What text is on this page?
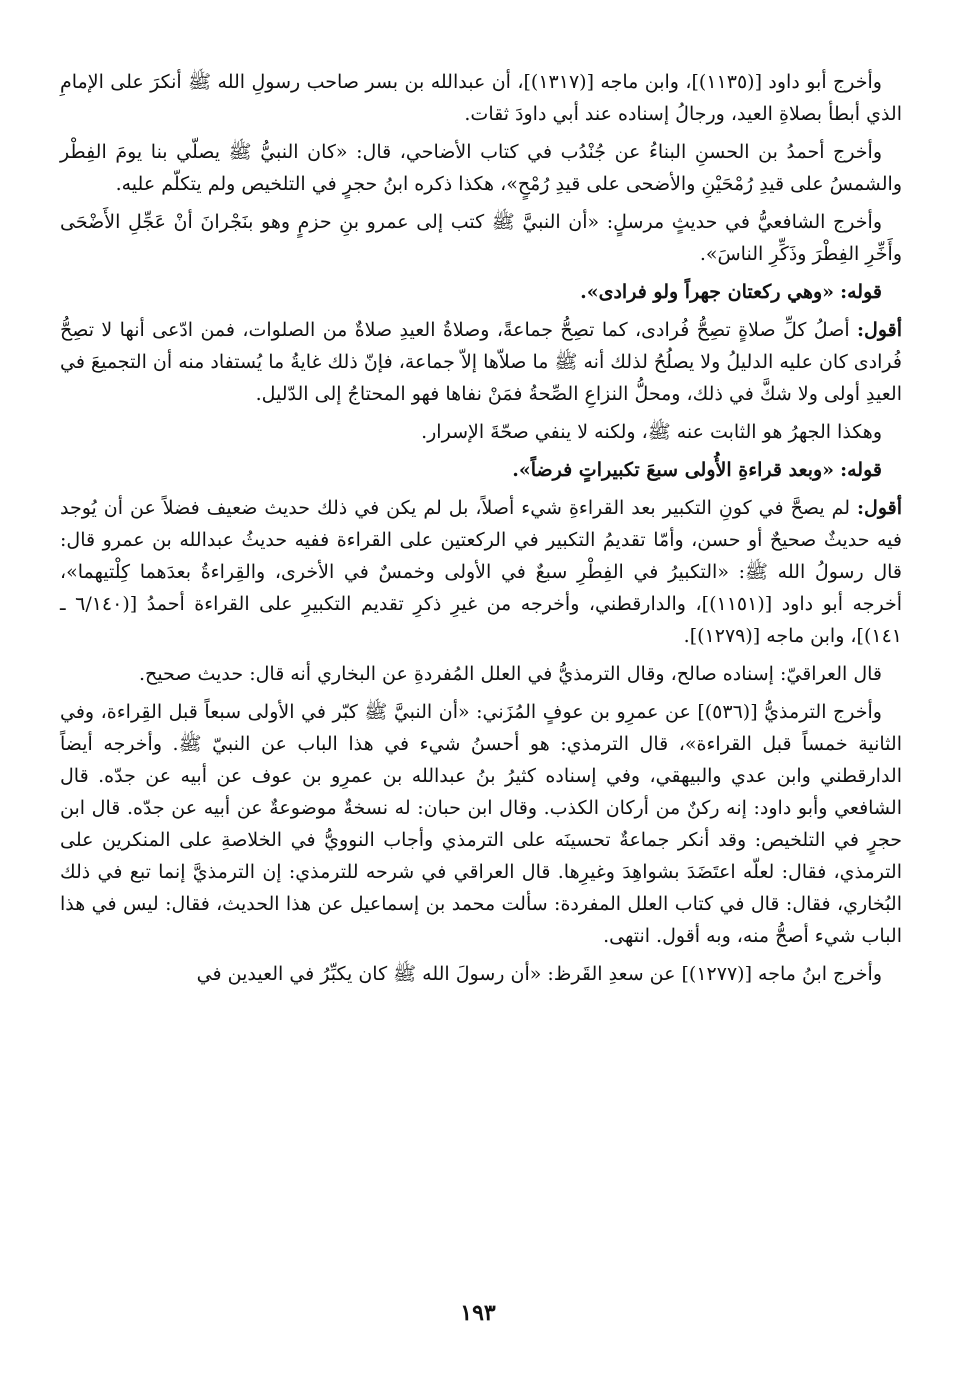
وأخرج أبو داود [(١١٣٥)]، وابن ماجه [(١٣١٧)]، أن عبدالله بن بسر صاحب رسولِ الله ﷺ أنكرَ على الإمامِ الذي أبطأ بصلاةِ العيد، ورجالُ إسناده عند أبي داودَ ثقات.

وأخرج أحمدُ بن الحسنِ البناءُ عن جُنْدُب في كتاب الأضاحي، قال: «كان النبيُّ ﷺ يصلّي بنا يومَ الفِطْر والشمسُ على قيدِ رُمْحَيْنِ والأضحى على قيدِ رُمْحٍ»، هكذا ذكره ابنُ حجرٍ في التلخيص ولم يتكلّم عليه.

وأخرج الشافعيُّ في حديثٍ مرسلٍ: «أن النبيَّ ﷺ كتب إلى عمرو بنِ حزمٍ وهو بنَجْرانَ أنْ عَجِّلِ الأَضْحَى وأَخِّرِ الفِطْرَ وذَكِّرِ الناسَ».

قوله: «وهي ركعتان جهراً ولو فرادى».

أقول: أصلُ كلِّ صلاةٍ تصِحُّ فُرادى، كما تصِحُّ جماعةً، وصلاةُ العيدِ صلاةٌ من الصلوات، فمن ادّعى أنها لا تصِحُّ فُرادى كان عليه الدليلُ ولا يصلُحُ لذلك أنه ﷺ ما صلاّها إلاّ جماعة، فإنّ ذلك غايةُ ما يُستفاد منه أن التجميعَ في العيدِ أولى ولا شكَّ في ذلك، ومحلُّ النزاعِ الصِّحةُ فمَنْ نفاها فهو المحتاجُ إلى الدّليل.

وهكذا الجهرُ هو الثابت عنه ﷺ، ولكنه لا ينفي صحّةَ الإسرار.

قوله: «وبعد قراءةِ الأُولى سبعَ تكبيراتٍ فرضاً».

أقول: لم يصحَّ في كونِ التكبير بعد القراءةِ شيء أصلاً، بل لم يكن في ذلك حديث ضعيف فضلاً عن أن يُوجد فيه حديثٌ صحيحٌ أو حسن، وأمّا تقديمُ التكبير في الركعتين على القراءة ففيه حديثُ عبدالله بن عمرو قال: قال رسولُ الله ﷺ: «التكبيرُ في الفِطْرِ سبعٌ في الأولى وخمسٌ في الأخرى، والقِراءةُ بعدَهما كِلْتيهما»، أخرجه أبو داود [(١١٥١)]، والدارقطني، وأخرجه من غيرِ ذكرِ تقديم التكبيرِ على القراءة أحمدُ [(٦/١٤٠ ـ ١٤١)]، وابن ماجه [(١٢٧٩)].

قال العراقيّ: إسناده صالح، وقال الترمذيُّ في العلل المُفردةِ عن البخاري أنه قال: حديث صحيح.

وأخرج الترمذيُّ [(٥٣٦)] عن عمرِو بن عوفٍ المُزَني: «أن النبيَّ ﷺ كبّر في الأولى سبعاً قبل القِراءة، وفي الثانية خمساً قبل القراءة»، قال الترمذي: هو أحسنُ شيء في هذا الباب عن النبيّ ﷺ. وأخرجه أيضاً الدارقطني وابن عدي والبيهقي، وفي إسناده كثيرُ بنُ عبدالله بن عمرِو بن عوف عن أبيه عن جدّه. قال الشافعي وأبو داود: إنه ركنٌ من أركان الكذب. وقال ابن حبان: له نسخةٌ موضوعةٌ عن أبيه عن جدّه. قال ابن حجرٍ في التلخيص: وقد أنكر جماعةٌ تحسينَه على الترمذي وأجاب النوويُّ في الخلاصةِ على المنكرين على الترمذي، فقال: لعلّه اعتَضَدَ بشواهِدَ وغيرِها. قال العراقي في شرحه للترمذي: إن الترمذيَّ إنما تبع في ذلك البُخاري، فقال: قال في كتاب العلل المفردة: سألت محمد بن إسماعيل عن هذا الحديث، فقال: ليس في هذا الباب شيء أصحُّ منه، وبه أقول. انتهى.

وأخرج ابنُ ماجه [(١٢٧٧)] عن سعدِ القَرظ: «أن رسولَ الله ﷺ كان يكبِّرُ في العيدين في

١٩٣
